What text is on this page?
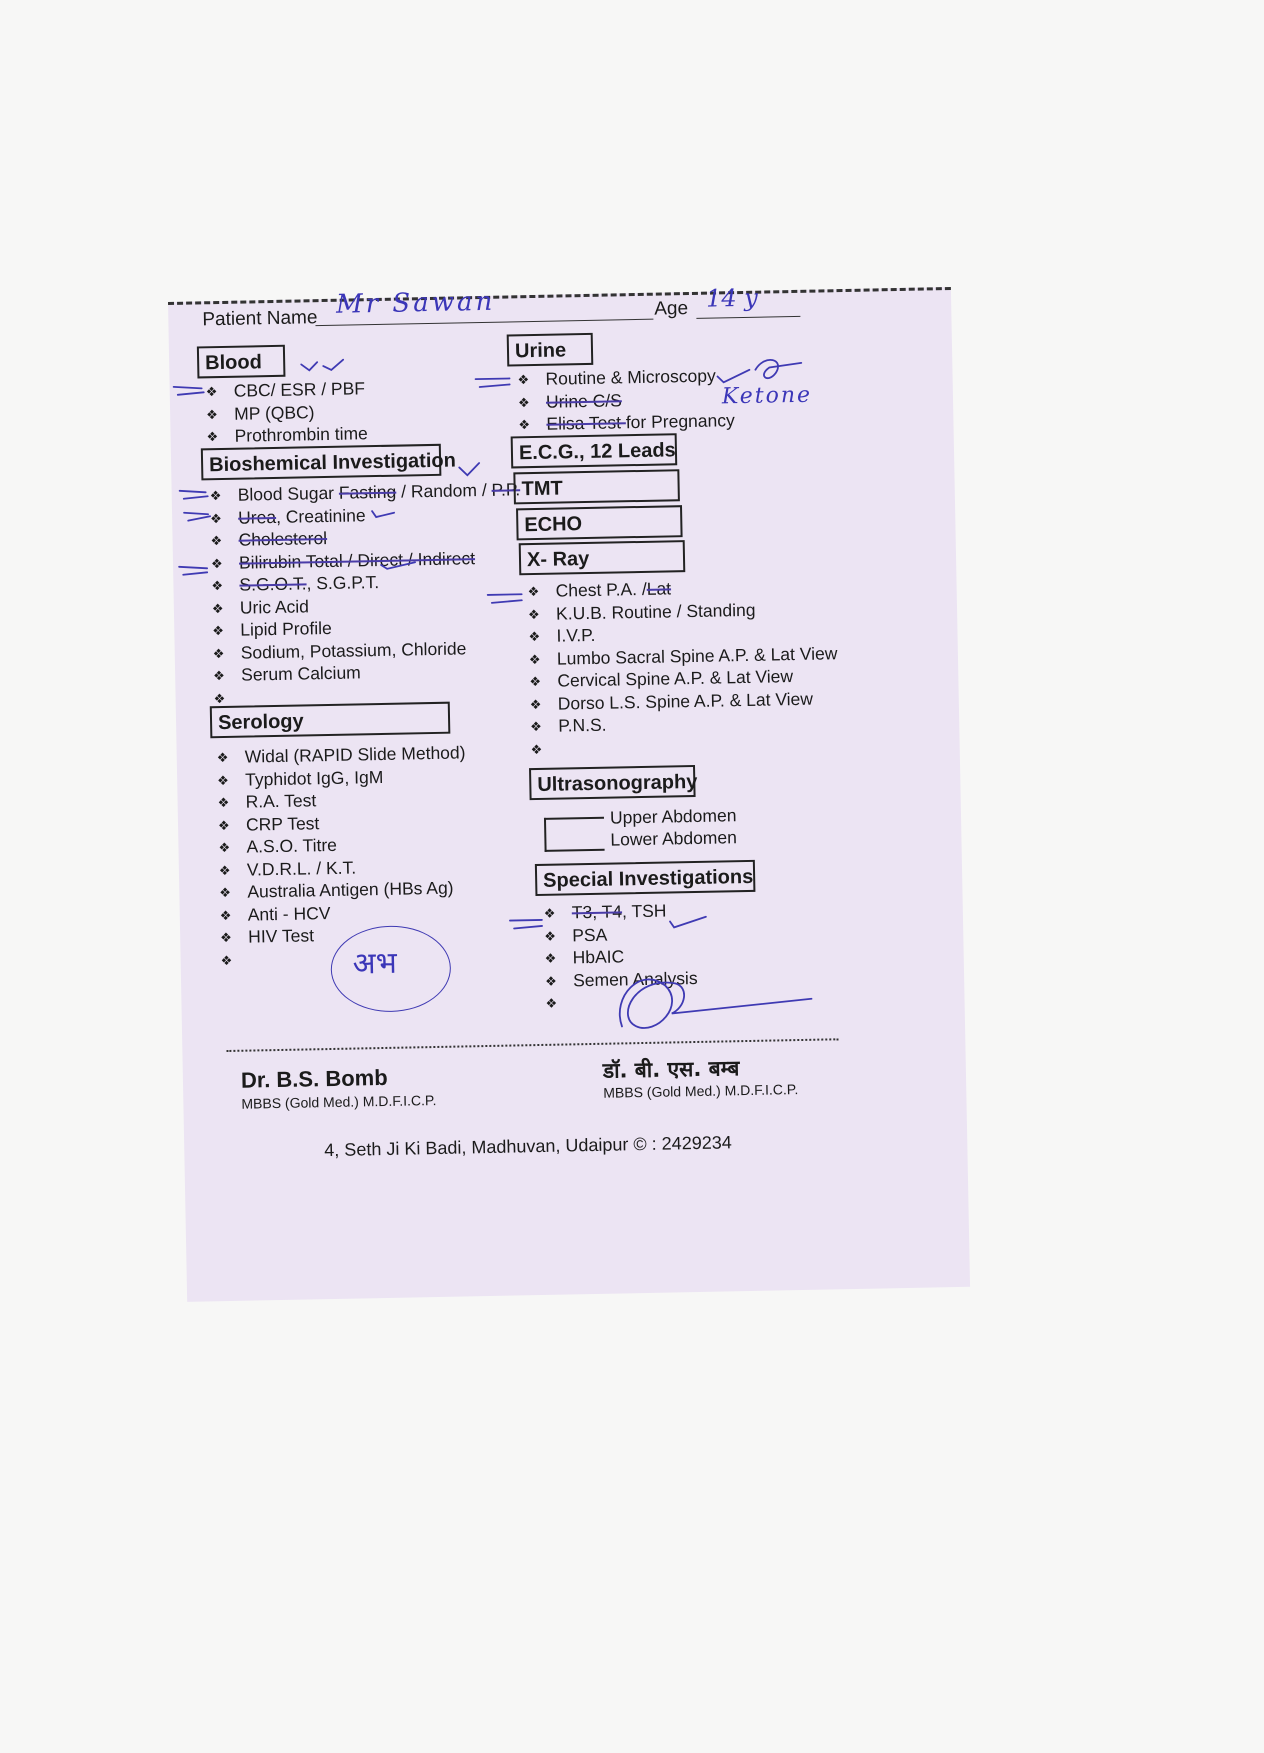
Patient Name Mr Sawan	Age 14 y
Blood
❖ CBC/ ESR / PBF
❖ MP (QBC)
❖ Prothrombin time
Bioshemical Investigation
❖ Blood Sugar Fasting / Random / P.P.
❖ Urea, Creatinine
❖ Cholesterol
❖ Bilirubin Total / Direct / Indirect
❖ S.G.O.T., S.G.P.T.
❖ Uric Acid
❖ Lipid Profile
❖ Sodium, Potassium, Chloride
❖ Serum Calcium
❖
Serology
❖ Widal (RAPID Slide Method)
❖ Typhidot IgG, IgM
❖ R.A. Test
❖ CRP Test
❖ A.S.O. Titre
❖ V.D.R.L. / K.T.
❖ Australia Antigen (HBs Ag)
❖ Anti - HCV
❖ HIV Test
❖
Urine
❖ Routine & Microscopy
❖ Urine C/S
❖ Elisa Test for Pregnancy
Ketone
E.C.G., 12 Leads
TMT
ECHO
X- Ray
❖ Chest P.A. /Lat
❖ K.U.B. Routine / Standing
❖ I.V.P.
❖ Lumbo Sacral Spine A.P. & Lat View
❖ Cervical Spine A.P. & Lat View
❖ Dorso L.S. Spine A.P. & Lat View
❖ P.N.S.
❖
Ultrasonography
Upper Abdomen
Lower Abdomen
Special Investigations
❖ T3, T4, TSH
❖ PSA
❖ HbAIC
❖ Semen Analysis
❖
अभ
Dr. B.S. Bomb
MBBS (Gold Med.) M.D.F.I.C.P.
डॉ. बी. एस. बम्ब
MBBS (Gold Med.) M.D.F.I.C.P.
4, Seth Ji Ki Badi, Madhuvan, Udaipur © : 2429234
